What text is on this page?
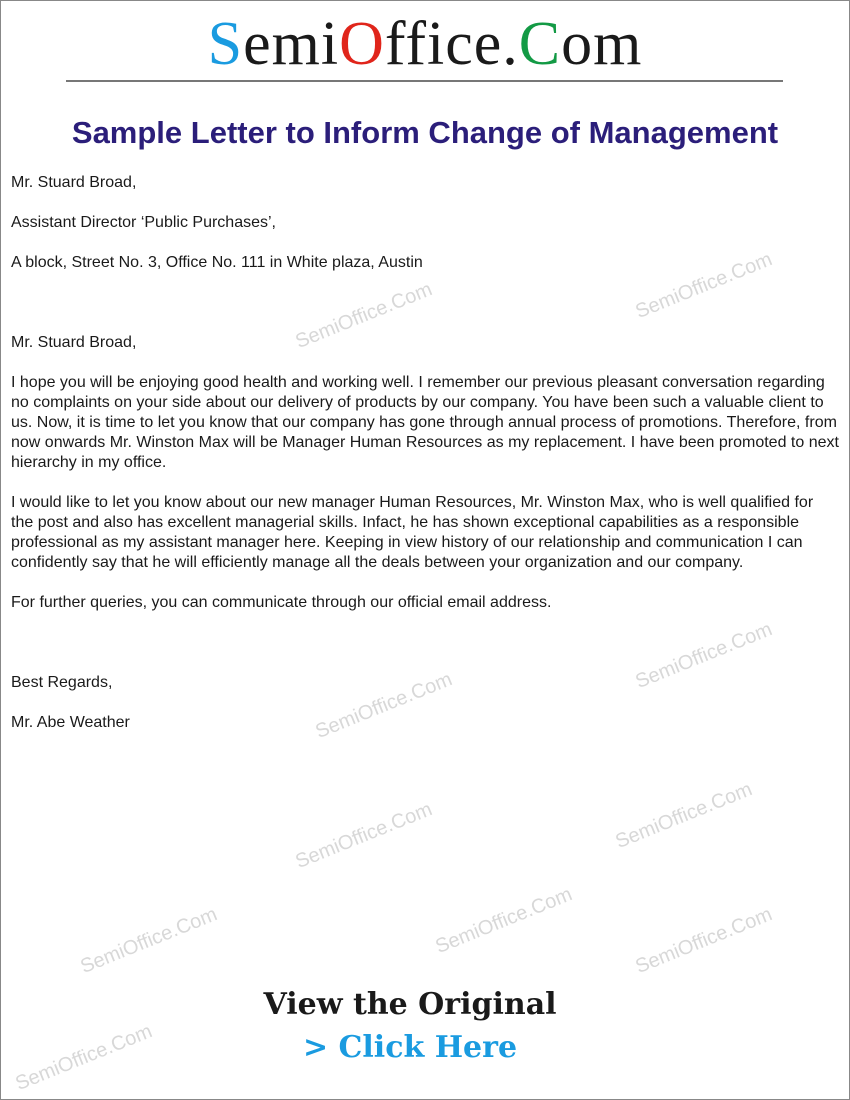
SemiOffice.Com
Sample Letter to Inform Change of Management
SemiOffice.Com
SemiOffice.Com
SemiOffice.Com
SemiOffice.Com
SemiOffice.Com
SemiOffice.Com
SemiOffice.Com
SemiOffice.Com	SemiOffice.Com
SemiOffice.Com

Mr. Stuard Broad,

Assistant Director ‘Public Purchases’,

A block, Street No. 3, Office No. 111 in White plaza, Austin

Mr. Stuard Broad,

I hope you will be enjoying good health and working well. I remember our previous pleasant conversation regarding no complaints on your side about our delivery of products by our company. You have been such a valuable client to us. Now, it is time to let you know that our company has gone through annual process of promotions. Therefore, from now onwards Mr. Winston Max will be Manager Human Resources as my replacement. I have been promoted to next hierarchy in my office.

I would like to let you know about our new manager Human Resources, Mr. Winston Max, who is well qualified for the post and also has excellent managerial skills. Infact, he has shown exceptional capabilities as a responsible professional as my assistant manager here. Keeping in view history of our relationship and communication I can confidently say that he will efficiently manage all the deals between your organization and our company.

For further queries, you can communicate through our official email address.

Best Regards,

Mr. Abe Weather

View the Original
> Click Here
